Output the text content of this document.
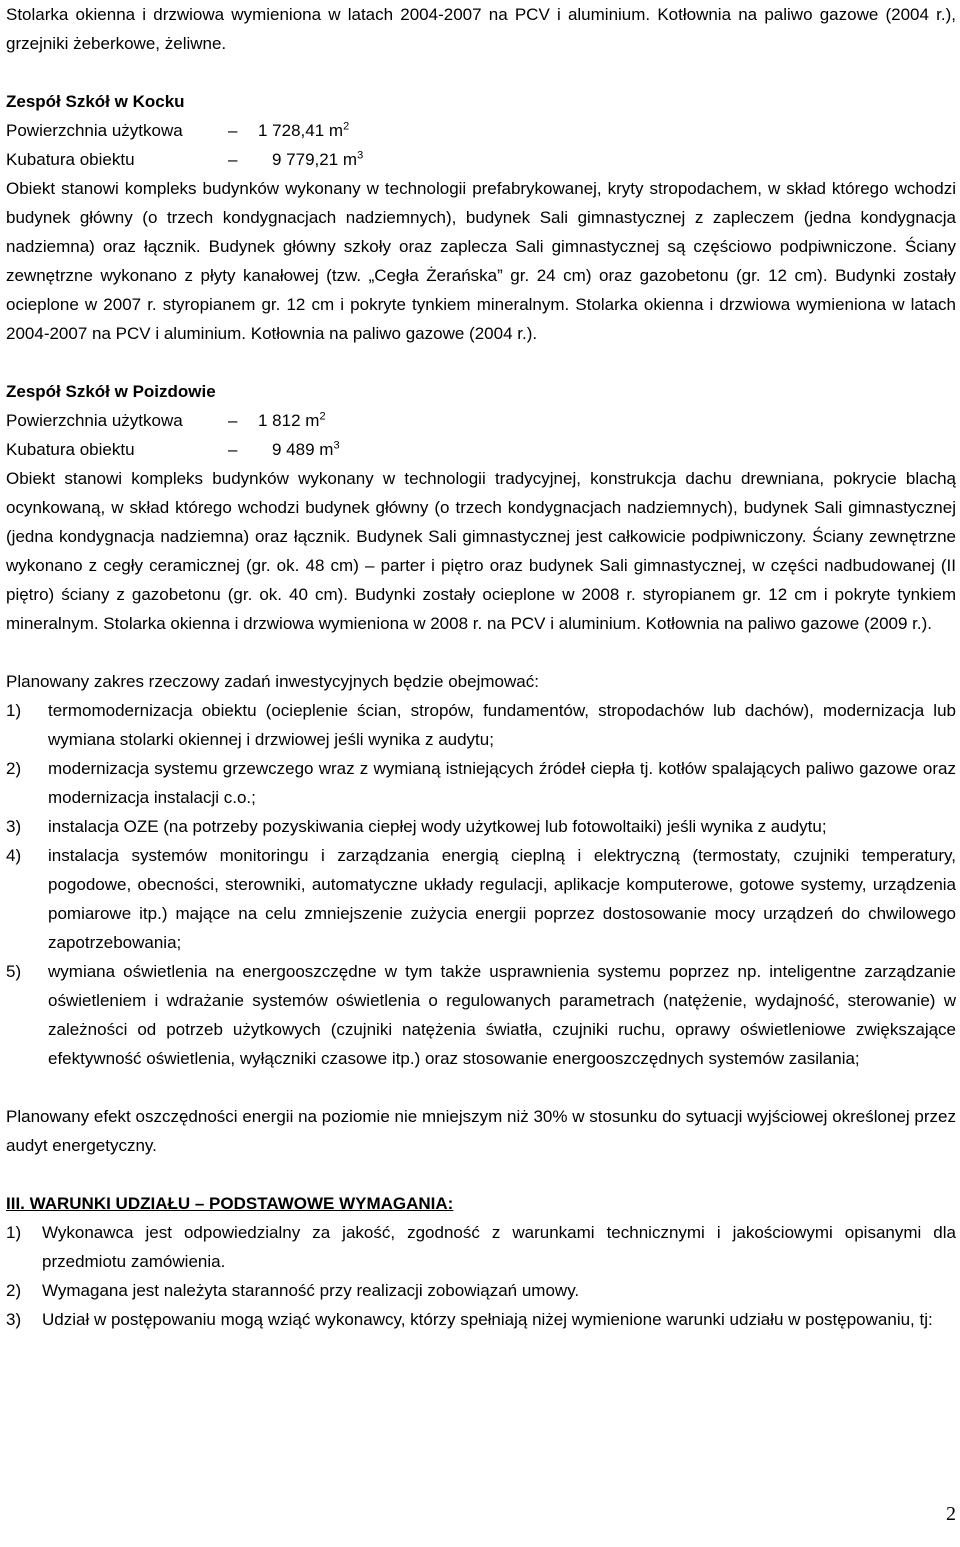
Stolarka okienna i drzwiowa wymieniona w latach 2004-2007 na PCV i aluminium. Kotłownia na paliwo gazowe (2004 r.), grzejniki żeberkowe, żeliwne.

Zespół Szkół w Kocku

Powierzchnia użytkowa	–	1 728,41 $m^2$
Kubatura obiektu	–	9 779,21 $m^3$

Obiekt stanowi kompleks budynków wykonany w technologii prefabrykowanej, kryty stropodachem, w skład którego wchodzi budynek główny (o trzech kondygnacjach nadziemnych), budynek Sali gimnastycznej z zapleczem (jedna kondygnacja nadziemna) oraz łącznik. Budynek główny szkoły oraz zaplecza Sali gimnastycznej są częściowo podpiwniczone. Ściany zewnętrzne wykonano z płyty kanałowej (tzw. „Cegła Żerańska” gr. 24 cm) oraz gazobetonu (gr. 12 cm). Budynki zostały ocieplone w 2007 r. styropianem gr. 12 cm i pokryte tynkiem mineralnym. Stolarka okienna i drzwiowa wymieniona w latach 2004-2007 na PCV i aluminium. Kotłownia na paliwo gazowe (2004 r.).

Zespół Szkół w Poizdowie

Powierzchnia użytkowa	–	1 812 $m^2$
Kubatura obiektu	–	9 489 $m^3$

Obiekt stanowi kompleks budynków wykonany w technologii tradycyjnej, konstrukcja dachu drewniana, pokrycie blachą ocynkowaną, w skład którego wchodzi budynek główny (o trzech kondygnacjach nadziemnych), budynek Sali gimnastycznej (jedna kondygnacja nadziemna) oraz łącznik. Budynek Sali gimnastycznej jest całkowicie podpiwniczony. Ściany zewnętrzne wykonano z cegły ceramicznej (gr. ok. 48 cm) – parter i piętro oraz budynek Sali gimnastycznej, w części nadbudowanej (II piętro) ściany z gazobetonu (gr. ok. 40 cm). Budynki zostały ocieplone w 2008 r. styropianem gr. 12 cm i pokryte tynkiem mineralnym. Stolarka okienna i drzwiowa wymieniona w 2008 r. na PCV i aluminium. Kotłownia na paliwo gazowe (2009 r.).

Planowany zakres rzeczowy zadań inwestycyjnych będzie obejmować:

1)	termomodernizacja obiektu (ocieplenie ścian, stropów, fundamentów, stropodachów lub dachów), modernizacja lub wymiana stolarki okiennej i drzwiowej jeśli wynika z audytu;
2)	modernizacja systemu grzewczego wraz z wymianą istniejących źródeł ciepła tj. kotłów spalających paliwo gazowe oraz modernizacja instalacji c.o.;
3)	instalacja OZE (na potrzeby pozyskiwania ciepłej wody użytkowej lub fotowoltaiki) jeśli wynika z audytu;
4)	instalacja systemów monitoringu i zarządzania energią cieplną i elektryczną (termostaty, czujniki temperatury, pogodowe, obecności, sterowniki, automatyczne układy regulacji, aplikacje komputerowe, gotowe systemy, urządzenia pomiarowe itp.) mające na celu zmniejszenie zużycia energii poprzez dostosowanie mocy urządzeń do chwilowego zapotrzebowania;
5)	wymiana oświetlenia na energooszczędne w tym także usprawnienia systemu poprzez np. inteligentne zarządzanie oświetleniem i wdrażanie systemów oświetlenia o regulowanych parametrach (natężenie, wydajność, sterowanie) w zależności od potrzeb użytkowych (czujniki natężenia światła, czujniki ruchu, oprawy oświetleniowe zwiększające efektywność oświetlenia, wyłączniki czasowe itp.) oraz stosowanie energooszczędnych systemów zasilania;

Planowany efekt oszczędności energii na poziomie nie mniejszym niż 30% w stosunku do sytuacji wyjściowej określonej przez audyt energetyczny.

III. WARUNKI UDZIAŁU – PODSTAWOWE WYMAGANIA:

1)	Wykonawca jest odpowiedzialny za jakość, zgodność z warunkami technicznymi i jakościowymi opisanymi dla przedmiotu zamówienia.
2)	Wymagana jest należyta staranność przy realizacji zobowiązań umowy.
3)	Udział w postępowaniu mogą wziąć wykonawcy, którzy spełniają niżej wymienione warunki udziału w postępowaniu, tj:
2
